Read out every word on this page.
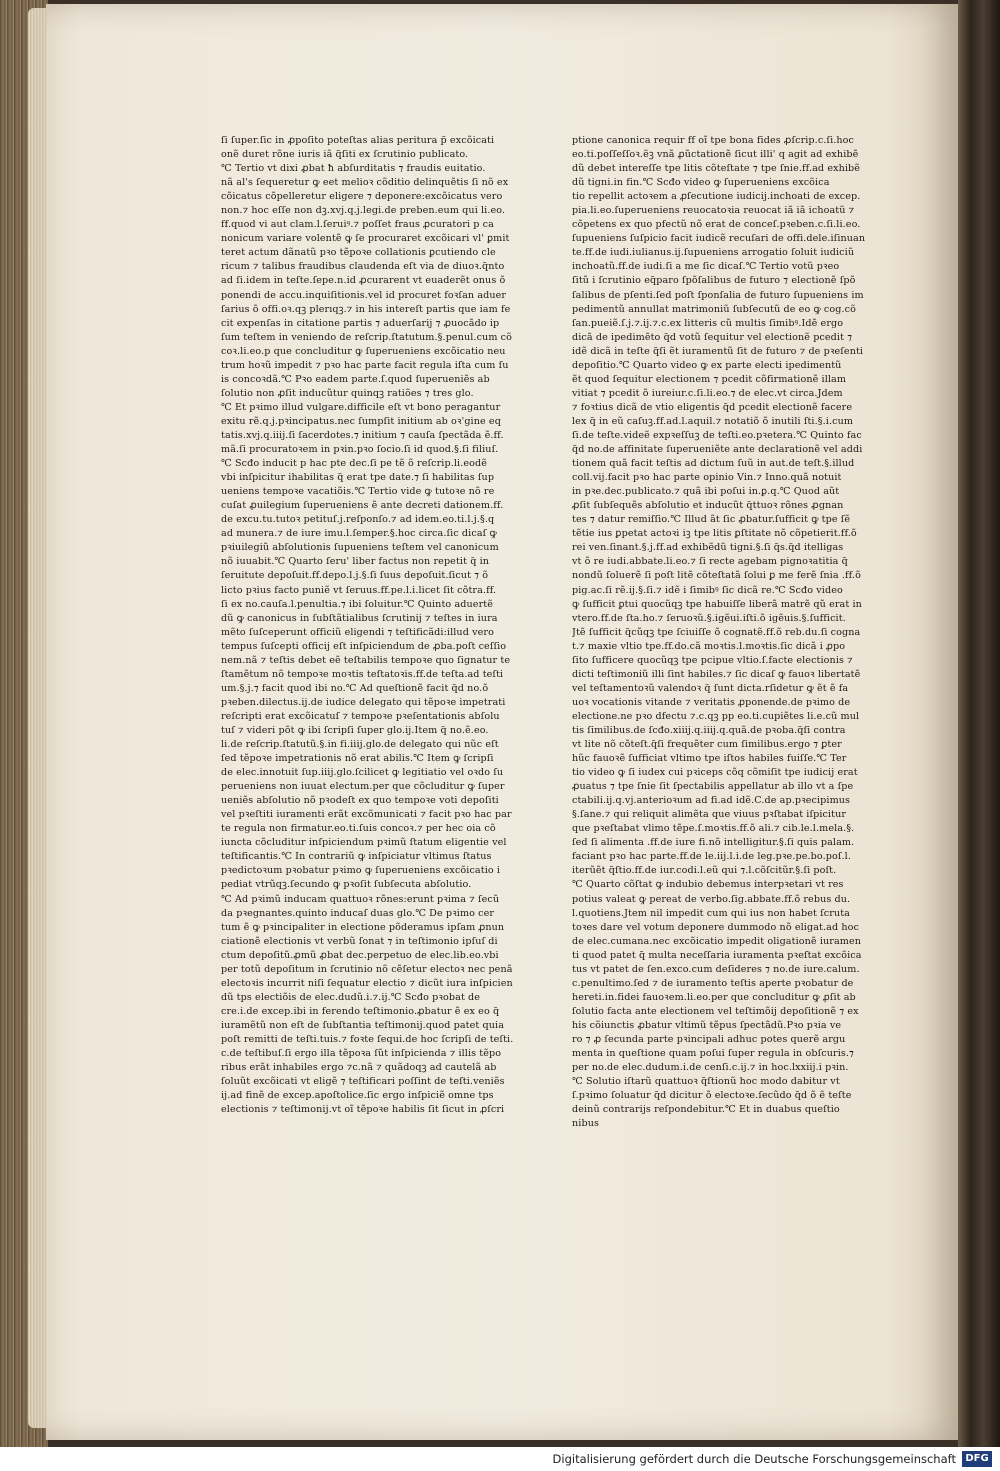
ſi ſuper.ſic in ꝓpoſito poteſtas alias peritura p̃ excõicati
onẽ duret rõne iuris iã q̃ſiti ex ſcrutinio publicato.
℃ Tertio vt dixi ꝓbat ħ abſurditatis ⁊ fraudis euitatio.
nã al's ſequeretur ꝙ eet melioꝛ cõditio delinquẽtis ſi nõ ex
cõicatus cõpelleretur eligere ⁊ deponere:excõicatus vero
non.⁊ hoc eſſe non dꝫ.xvj.q.j.legi.de preben.eum qui li.eo.
ff.quod vi aut clam.l.ſeruiꝰ.⁊ poſſet fraus ꝓcuratori p ca
nonicum variare volentẽ ꝙ ſe procuraret excõicari vl' ꝑmit
teret actum dãnatũ pꝛo tẽpoꝛe collationis ꝑcutiendo cle
ricum ⁊ talibus fraudibus claudenda eſt via de diuoꝛ.q̃nto
ad ſi.idem in teſte.ſepe.n.id ꝓcurarent vt euaderẽt onus õ
ponendi de accu.inquiſitionis.vel id procuret foꝛſan aduer
ſarius õ offi.oꝛ.qꝫ plerıqꝫ.⁊ in his intereſt partis que iam fe
cit expenſas in citatione partis ⁊ aduerſarij ⁊ ꝓuocãdo ip
ſum teſtem in veniendo de reſcrip.ſtatutum.§.penul.cum cõ
coꝛ.li.eo.p que concluditur ꝙ ſuperueniens excõicatio neu
trum hoꝛũ impedit ⁊ pꝛo hac parte facit regula iſta cum ſu
is concoꝛdã.℃ Pꝛo eadem parte.ſ.quod ſuperueniẽs ab
ſolutio non ꝓſit inducũtur quinqꝫ ratiões ⁊ tres glo.
℃ Et pꝛimo illud vulgare.difficile eſt vt bono peragantur
exitu rẽ.q.j.pꝛincipatus.nec ſumpſit initium ab oꝛ'gine eq
tatis.xvj.q.iiij.ſi ſacerdotes.⁊ initium ⁊ cauſa ſpectãda ẽ.ff.
mã.ſi procuratoꝛem in pꝛin.pꝛo ſocio.ſi id quod.§.ſi filiuſ.
℃ Scđo inducit p hac pte dec.ſi pe tẽ õ reſcrip.li.eodẽ
vbi inſpicitur ihabilitas q̃ erat tpe date.⁊ ſi habilitas ſup
ueniens tempoꝛe vacatiõis.℃ Tertio vide ꝙ tutoꝛe nõ re
cuſat ꝓuilegium ſuperueniens ẽ ante decreti dationem.ff.
de excu.tu.tutoꝛ petituſ.j.reſponſo.⁊ ad idem.eo.ti.l.j.§.q
ad munera.⁊ de iure imu.l.ſemper.§.hoc circa.ſic dicaſ ꝙ
pꝛiuilegiũ abſolutionis ſupueniens teſtem vel canonicum
nõ iuuabit.℃ Quarto ſeru' liber factus non repetit q̃ in
ſeruitute depoſuit.ff.depo.l.j.§.ſi ſuus depoſuit.ſicut ⁊ õ
licto pꝛius facto puniẽ vt ſeruus.ff.pe.l.i.licet ſit cõtra.ff.
ſi ex no.cauſa.l.penultia.⁊ ibi ſoluitur.℃ Quinto aduertẽ
dũ ꝙ canonicus in ſubſtãtialibus ſcrutinij ⁊ teſtes in iura
mẽto ſuſceperunt officiũ eligendi ⁊ teſtificãdi:illud vero
tempus ſuſcepti officij eſt inſpiciendum de ꝓba.poſt ceſſio
nem.nã ⁊ teſtis debet eẽ teſtabilis tempoꝛe quo ſignatur te
ſtamẽtum nõ tempoꝛe moꝛtis teſtatoꝛis.ff.de teſta.ad teſti
um.§.j.⁊ facit quod ibi no.℃ Ad queſtionẽ facit q̃d no.õ
pꝛeben.dilectus.ij.de iudice delegato qui tẽpoꝛe impetrati
reſcripti erat excõicatuſ ⁊ tempoꝛe pꝛeſentationis abſolu
tuſ ⁊ videri põt ꝙ ibi ſcripſi ſuper glo.ij.Item q̃ no.ẽ.eo.
li.de reſcrip.ſtatutũ.§.in fi.iiij.glo.de delegato qui nũc eſt
ſed tẽpoꝛe impetrationis nõ erat abilis.℃ Item ꝙ ſcripſi
de elec.innotuit ſup.iiij.glo.ſcilicet ꝙ legitiatio vel oꝛdo ſu
perueniens non iuuat electum.per que cõcluditur ꝙ ſuper
ueniẽs abſolutio nõ pꝛodeſt ex quo tempoꝛe voti depoſiti
vel pꝛeſtiti iuramenti erãt excõmunicati ⁊ facit pꝛo hac par
te regula non firmatur.eo.ti.ſuis concoꝛ.⁊ per hec oia cõ
iuncta cõcluditur inſpiciendum pꝛimũ ſtatum eligentie vel
teſtificantis.℃ In contrariũ ꝙ inſpiciatur vltimus ſtatus
pꝛedictoꝛum pꝛobatur pꝛimo ꝙ ſuperueniens excõicatio i
pediat vtrũqꝫ.ſecundo ꝙ pꝛoſit ſubſecuta abſolutio.
℃ Ad pꝛimũ inducam quattuoꝛ rõnes:erunt pꝛima ⁊ ſecũ
da pꝛegnantes.quinto inducaſ duas glo.℃ De pꝛimo cer
tum ẽ ꝙ pꝛincipaliter in electione põderamus ipſam ꝓnun
ciationẽ electionis vt verbũ ſonat ⁊ in teſtimonio ipſuſ di
ctum depoſitũ.ꝓmũ ꝓbat dec.perpetuo de elec.lib.eo.vbi
per totũ depoſitum in ſcrutinio nõ cẽſetur electoꝛ nec penã
electoꝛis incurrit niſi ſequatur electio ⁊ dicũt iura inſpicien
dũ tps electiõis de elec.dudũ.i.⁊.ij.℃ Scđo pꝛobat de
cre.i.de excep.ibi in ferendo teſtimonio.ꝓbatur ẽ ex eo q̃
iuramẽtũ non eſt de ſubſtantia teſtimonij.quod patet quia
poſt remitti de teſti.tuis.⁊ foꝛte ſequi.de hoc ſcripſi de teſti.
c.de teſtibuſ.ſi ergo illa tẽpoꝛa ſũt inſpicienda ⁊ illis tẽpo
ribus erãt inhabiles ergo ⁊c.nã ⁊ quãdoqꝫ ad cautelã ab
ſoluũt excõicati vt eligẽ ⁊ teſtificari poſſint de teſti.veniẽs
ij.ad finẽ de excep.apoſtolice.ſic ergo inſpiciẽ omne tps
electionis ⁊ teſtimonij.vt oĩ tẽpoꝛe habilis ſit ſicut in ꝓſcri
ptione canonica requir ff oĩ tpe bona fides ꝓſcrip.c.ſi.hoc
eo.ti.poſſeſſoꝛ.ẽꝫ vnã ꝓũctationẽ ſicut illi' q agit ad exhibẽ
dũ debet intereſſe tpe litis cõteſtate ⁊ tpe ſnie.ff.ad exhibẽ
dũ tigni.in fin.℃ Scđo video ꝙ ſuperueniens excõica
tio repellit actoꝛem a ꝓſecutione iudicij.inchoati de excep.
pia.li.eo.ſuperueniens reuocatoꝛia reuocat iã iã ichoatũ ⁊
cõpetens ex quo pfectũ nõ erat de conceſ.pꝛeben.c.ſi.li.eo.
ſupueniens ſuſpicio facit iudicẽ recuſari de offi.dele.iſinuan
te.ff.de iudi.iulianus.ij.ſupueniens arrogatio ſoluit iudiciũ
inchoatũ.ff.de iudi.ſi a me ſic dicaſ.℃ Tertio votũ pꝛeo
ſitũ i ſcrutinio eq̃paro ſpõſalibus de futuro ⁊ electionẽ ſpõ
ſalibus de pſenti.ſed poſt ſponſalia de futuro ſupueniens im
pedimentũ annullat matrimoniũ ſubſecutũ de eo ꝙ cog.cõ
ſan.pueiẽ.ſ.j.⁊.ij.⁊.c.ex litteris cũ multis ſimibꝰ.Idẽ ergo
dicã de ipedimẽto q̃d votũ ſequitur vel electionẽ pcedit ⁊
idẽ dicã in teſte q̃ſi ẽt iuramentũ ſit de futuro ⁊ de pꝛeſenti
depoſitio.℃ Quarto video ꝙ ex parte electi ipedimentũ
ẽt quod ſequitur electionem ⁊ pcedit cõfirmationẽ illam
vitiat ⁊ pcedit õ iureiur.c.ſi.li.eo.⁊ de elec.vt circa.Jdem
⁊ foꝛtius dicã de vtio eligentis q̃d pcedit electionẽ facere
lex q̃ in eũ caſuꝫ.ff.ad.l.aquil.⁊ notatiõ õ inutili ſti.§.i.cum
ſi.de teſte.videẽ expꝛeſſuꝫ de teſti.eo.pꝛetera.℃ Quinto fac
q̃d no.de affinitate ſuperueniẽte ante declarationẽ vel addi
tionem quã facit teſtis ad dictum ſuũ in aut.de teſt.§.illud
coll.vij.facit pꝛo hac parte opinio Vin.⁊ Inno.quã notuit
in pꝛe.dec.publicato.⁊ quã ibi poſui in.ꝑ.q.℃ Quod aũt
ꝓſit ſubſequẽs abſolutio et inducũt q̃ttuoꝛ rõnes ꝓgnan
tes ⁊ datur remiſſio.℃ Illud ãt ſic ꝓbatur.ſufficit ꝙ tpe ſẽ
tẽtie ius ꝑpetat actoꝛi iꝫ tpe litis ꝑſtitate nõ cõpetierit.ff.õ
rei ven.ſinant.§.j.ff.ad exhibẽdũ tigni.§.ſi q̃s.q̃d itelligas
vt õ re iudi.abbate.li.eo.⁊ ſi recte agebam pignoꝛatitia q̃
nondũ ſoluerẽ ſi poſt litẽ cõteſtatã ſolui ꝑ me ferẽ ſnia .ff.õ
pig.ac.ſi rẽ.ij.§.ſi.⁊ idẽ i ſimibꝰ ſic dicã re.℃ Scđo video
ꝙ ſufficit ꝑtui quocũqꝫ tpe habuiſſe liberã matrẽ qũ erat in
vtero.ff.de ſta.ho.⁊ ſeruoꝛũ.§.igẽui.iſti.õ igẽuis.§.ſufficit.
Jtẽ ſufficit q̃cũqꝫ tpe ſciuiſſe õ cognatẽ.ff.õ reb.du.ſi cogna
t.⁊ maxie vltio tpe.ff.do.cã moꝛtis.l.moꝛtis.ſic dicã i ꝓpo
ſito ſufficere quocũqꝫ tpe pcipue vltio.ſ.facte electionis ⁊
dicti teſtimoniũ illi ſint habiles.⁊ ſic dicaſ ꝙ fauoꝛ libertatẽ
vel teſtamentoꝛũ valendoꝛ q̃ ſunt dicta.rſidetur ꝙ ẽt ẽ fa
uoꝛ vocationis vitande ⁊ veritatis ꝓponende.de pꝛimo de
electione.ne pꝛo dfectu ⁊.c.qꝫ pp eo.ti.cupiẽtes li.e.cũ mul
tis ſimilibus.de ſcđo.xiiij.q.iiij.q.quã.de pꝛoba.q̃ſi contra
vt lite nõ cõteſt.q̃ſi frequẽter cum ſimilibus.ergo ⁊ ꝑter
hũc fauoꝛẽ ſufficiat vltimo tpe iſtos habiles fuiſſe.℃ Ter
tio video ꝙ ſi iudex cui pꝛiceps cõq cõmiſit tpe iudicij erat
ꝓuatus ⁊ tpe ſnie ſit ſpectabilis appellatur ab illo vt a ſpe
ctabili.ij.q.vj.anterioꝛum ad fi.ad idẽ.C.de ap.pꝛecipimus
§.ſane.⁊ qui reliquit alimẽta que viuus pꝛſtabat iſpicitur
que pꝛeſtabat vlimo tẽpe.ſ.moꝛtis.ff.õ ali.⁊ cib.le.l.mela.§.
ſed ſi alimenta .ff.de iure fi.nõ intelligitur.§.ſi quis palam.
faciant pꝛo hac parte.ff.de le.iij.l.i.de leg.pꝛe.pe.bo.poſ.l.
iterũẽt q̃ſtio.ff.de iur.codi.l.eũ qui ⁊.l.cõſcitũr.§.ſi poſt.
℃ Quarto cõſtat ꝙ indubio debemus interpꝛetari vt res
potius valeat ꝙ pereat de verbo.ſig.abbate.ff.õ rebus du.
l.quotiens.Jtem nil impedit cum qui ius non habet ſcruta
toꝛes dare vel votum deponere dummodo nõ eligat.ad hoc
de elec.cumana.nec excõicatio impedit oligationẽ iuramen
ti quod patet q̃ multa neceſſaria iuramenta pꝛeſtat excõica
tus vt patet de ſen.exco.cum deſideres ⁊ no.de iure.calum.
c.penultimo.ſed ⁊ de iuramento teſtis aperte pꝛobatur de
hereti.in.fidei fauoꝛem.li.eo.per que concluditur ꝙ ꝓſit ab
ſolutio facta ante electionem vel teſtimõij depoſitionẽ ⁊ ex
his cõiunctis ꝓbatur vltimũ tẽpus ſpectãdũ.Pꝛo pꝛia ve
ro ⁊ ꝓ ſecunda parte pꝛincipali adhuc potes querẽ argu
menta in queſtione quam poſui ſuper regula in obſcuris.⁊
per no.de elec.dudum.i.de cenſi.c.ij.⁊ in hoc.lxxiij.i pꝛin.
℃ Solutio iſtarũ quattuoꝛ q̃ſtionũ hoc modo dabitur vt
ſ.pꝛimo ſoluatur q̃d dicitur õ electoꝛe.ſecũdo q̃d õ ẽ teſte
deinũ contrarijs reſpondebitur.℃ Et in duabus queſtio
nibus
Digitalisierung gefördert durch die Deutsche Forschungsgemeinschaft DFG
